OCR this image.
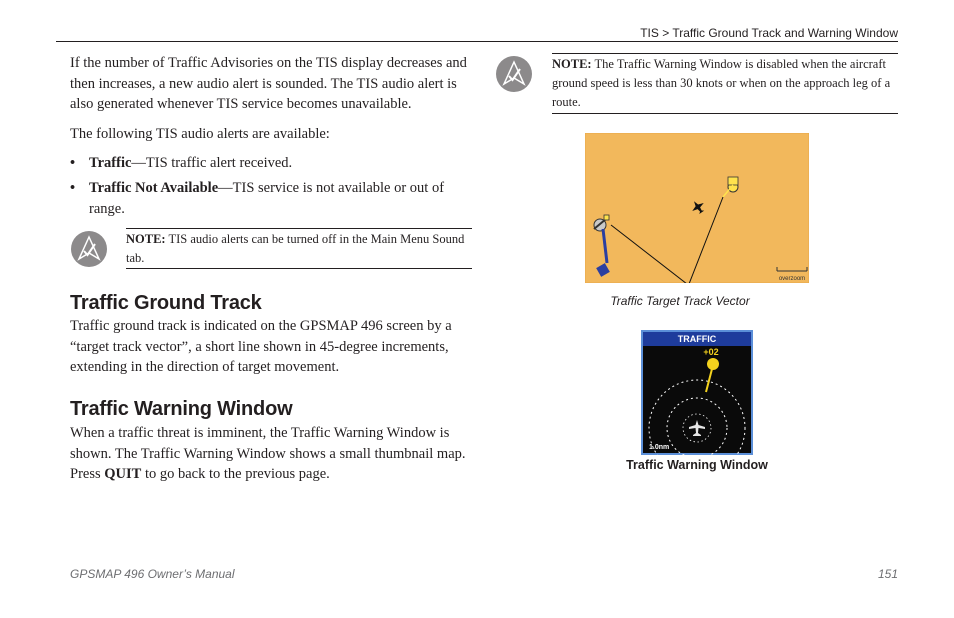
TIS > Traffic Ground Track and Warning Window

If the number of Traffic Advisories on the TIS display decreases and then increases, a new audio alert is sounded. The TIS audio alert is also generated whenever TIS service becomes unavailable.

The following TIS audio alerts are available:

• Traffic—TIS traffic alert received.
• Traffic Not Available—TIS service is not available or out of range.
NOTE: TIS audio alerts can be turned off in the Main Menu Sound tab.
Traffic Ground Track

Traffic ground track is indicated on the GPSMAP 496 screen by a “target track vector”, a short line shown in 45-degree increments, extending in the direction of target movement.

Traffic Warning Window

When a traffic threat is imminent, the Traffic Warning Window is shown. The Traffic Warning Window shows a small thumbnail map. Press QUIT to go back to the previous page.

NOTE: The Traffic Warning Window is disabled when the aircraft ground speed is less than 30 knots or when on the approach leg of a route.
overzoom
Traffic Target Track Vector
TRAFFIC
+02
1.0nm
Traffic Warning Window
GPSMAP 496 Owner’s Manual	151
